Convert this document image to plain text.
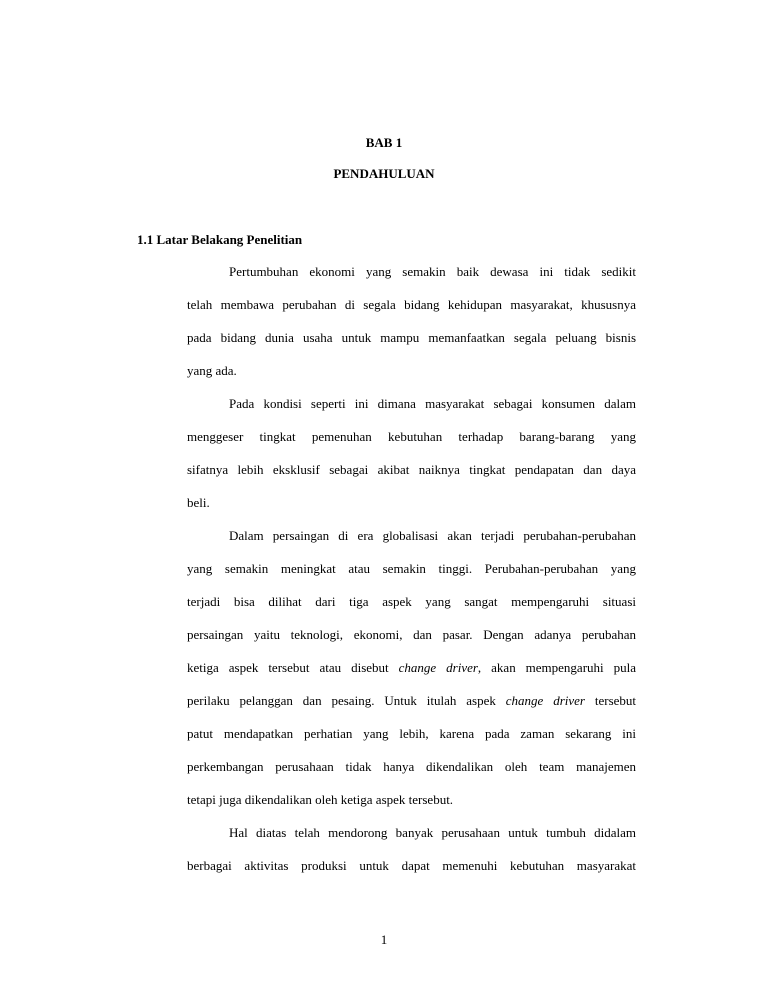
BAB 1
PENDAHULUAN
1.1 Latar Belakang Penelitian
Pertumbuhan ekonomi yang semakin baik dewasa ini tidak sedikit
telah membawa perubahan di segala bidang kehidupan masyarakat, khususnya
pada bidang dunia usaha untuk mampu memanfaatkan segala peluang bisnis
yang ada.
Pada kondisi seperti ini dimana masyarakat sebagai konsumen dalam
menggeser tingkat pemenuhan kebutuhan terhadap barang-barang yang
sifatnya lebih eksklusif sebagai akibat naiknya tingkat pendapatan dan daya
beli.
Dalam persaingan di era globalisasi akan terjadi perubahan-perubahan
yang semakin meningkat atau semakin tinggi. Perubahan-perubahan yang
terjadi bisa dilihat dari tiga aspek yang sangat mempengaruhi situasi
persaingan yaitu teknologi, ekonomi, dan pasar. Dengan adanya perubahan
ketiga aspek tersebut atau disebut change driver, akan mempengaruhi pula
perilaku pelanggan dan pesaing. Untuk itulah aspek change driver tersebut
patut mendapatkan perhatian yang lebih, karena pada zaman sekarang ini
perkembangan perusahaan tidak hanya dikendalikan oleh team manajemen
tetapi juga dikendalikan oleh ketiga aspek tersebut.
Hal diatas telah mendorong banyak perusahaan untuk tumbuh didalam
berbagai aktivitas produksi untuk dapat memenuhi kebutuhan masyarakat
1
